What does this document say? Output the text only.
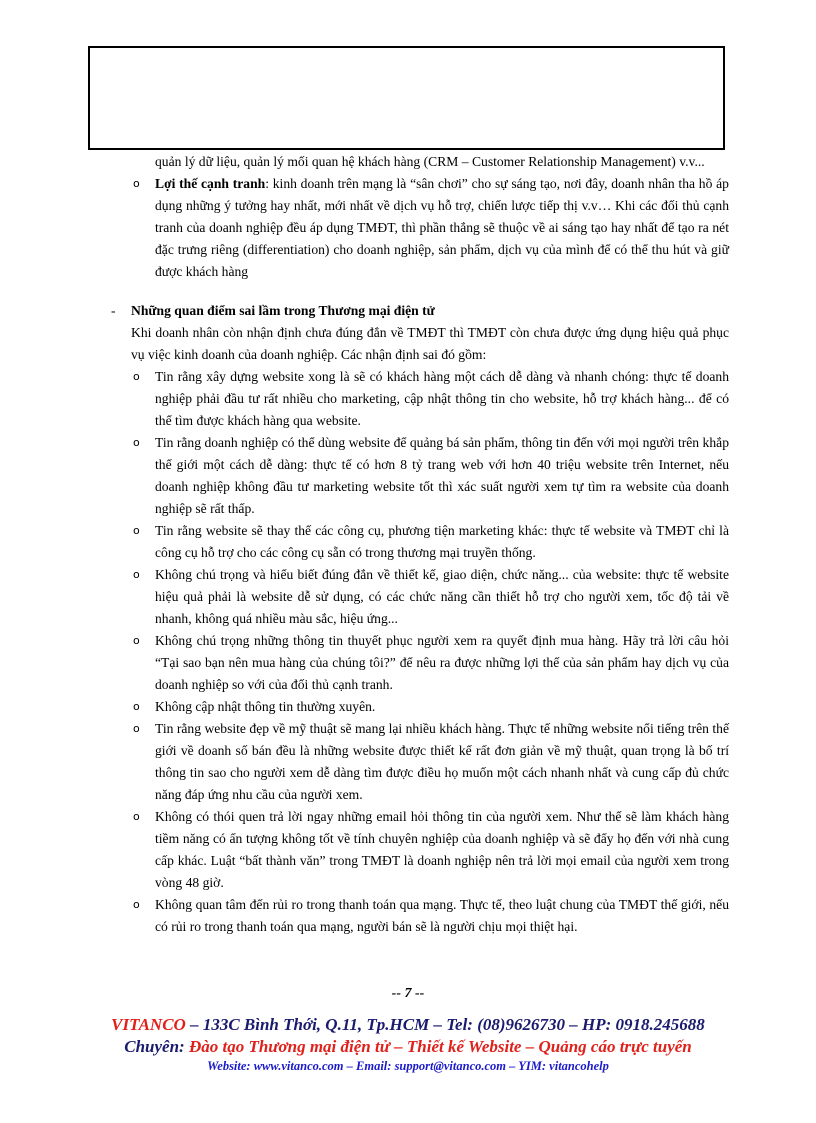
quản lý dữ liệu, quản lý mối quan hệ khách hàng (CRM – Customer Relationship Management) v.v...
o Lợi thế cạnh tranh: kinh doanh trên mạng là “sân chơi” cho sự sáng tạo, nơi đây, doanh nhân tha hồ áp dụng những ý tưởng hay nhất, mới nhất về dịch vụ hỗ trợ, chiến lược tiếp thị v.v… Khi các đối thủ cạnh tranh của doanh nghiệp đều áp dụng TMĐT, thì phần thắng sẽ thuộc về ai sáng tạo hay nhất để tạo ra nét đặc trưng riêng (differentiation) cho doanh nghiệp, sản phẩm, dịch vụ của mình để có thể thu hút và giữ được khách hàng
- Những quan điểm sai lầm trong Thương mại điện tử
Khi doanh nhân còn nhận định chưa đúng đắn về TMĐT thì TMĐT còn chưa được ứng dụng hiệu quả phục vụ việc kinh doanh của doanh nghiệp. Các nhận định sai đó gồm:
o Tin rằng xây dựng website xong là sẽ có khách hàng một cách dễ dàng và nhanh chóng: thực tế doanh nghiệp phải đầu tư rất nhiều cho marketing, cập nhật thông tin cho website, hỗ trợ khách hàng... để có thể tìm được khách hàng qua website.
o Tin rằng doanh nghiệp có thể dùng website để quảng bá sản phẩm, thông tin đến với mọi người trên khắp thế giới một cách dễ dàng: thực tế có hơn 8 tỷ trang web với hơn 40 triệu website trên Internet, nếu doanh nghiệp không đầu tư marketing website tốt thì xác suất người xem tự tìm ra website của doanh nghiệp sẽ rất thấp.
o Tin rằng website sẽ thay thế các công cụ, phương tiện marketing khác: thực tế website và TMĐT chỉ là công cụ hỗ trợ cho các công cụ sẵn có trong thương mại truyền thống.
o Không chú trọng và hiểu biết đúng đắn về thiết kế, giao diện, chức năng... của website: thực tế website hiệu quả phải là website dễ sử dụng, có các chức năng cần thiết hỗ trợ cho người xem, tốc độ tải về nhanh, không quá nhiều màu sắc, hiệu ứng...
o Không chú trọng những thông tin thuyết phục người xem ra quyết định mua hàng. Hãy trả lời câu hỏi “Tại sao bạn nên mua hàng của chúng tôi?” để nêu ra được những lợi thế của sản phẩm hay dịch vụ của doanh nghiệp so với của đối thủ cạnh tranh.
o Không cập nhật thông tin thường xuyên.
o Tin rằng website đẹp về mỹ thuật sẽ mang lại nhiều khách hàng. Thực tế những website nổi tiếng trên thế giới về doanh số bán đều là những website được thiết kế rất đơn giản về mỹ thuật, quan trọng là bố trí thông tin sao cho người xem dễ dàng tìm được điều họ muốn một cách nhanh nhất và cung cấp đủ chức năng đáp ứng nhu cầu của người xem.
o Không có thói quen trả lời ngay những email hỏi thông tin của người xem. Như thế sẽ làm khách hàng tiềm năng có ấn tượng không tốt về tính chuyên nghiệp của doanh nghiệp và sẽ đẩy họ đến với nhà cung cấp khác. Luật “bất thành văn” trong TMĐT là doanh nghiệp nên trả lời mọi email của người xem trong vòng 48 giờ.
o Không quan tâm đến rủi ro trong thanh toán qua mạng. Thực tế, theo luật chung của TMĐT thế giới, nếu có rủi ro trong thanh toán qua mạng, người bán sẽ là người chịu mọi thiệt hại.
-- 7 --
VITANCO – 133C Bình Thới, Q.11, Tp.HCM – Tel: (08)9626730 – HP: 0918.245688
Chuyên: Đào tạo Thương mại điện tử – Thiết kế Website – Quảng cáo trực tuyến
Website: www.vitanco.com – Email: support@vitanco.com – YIM: vitancohelp
